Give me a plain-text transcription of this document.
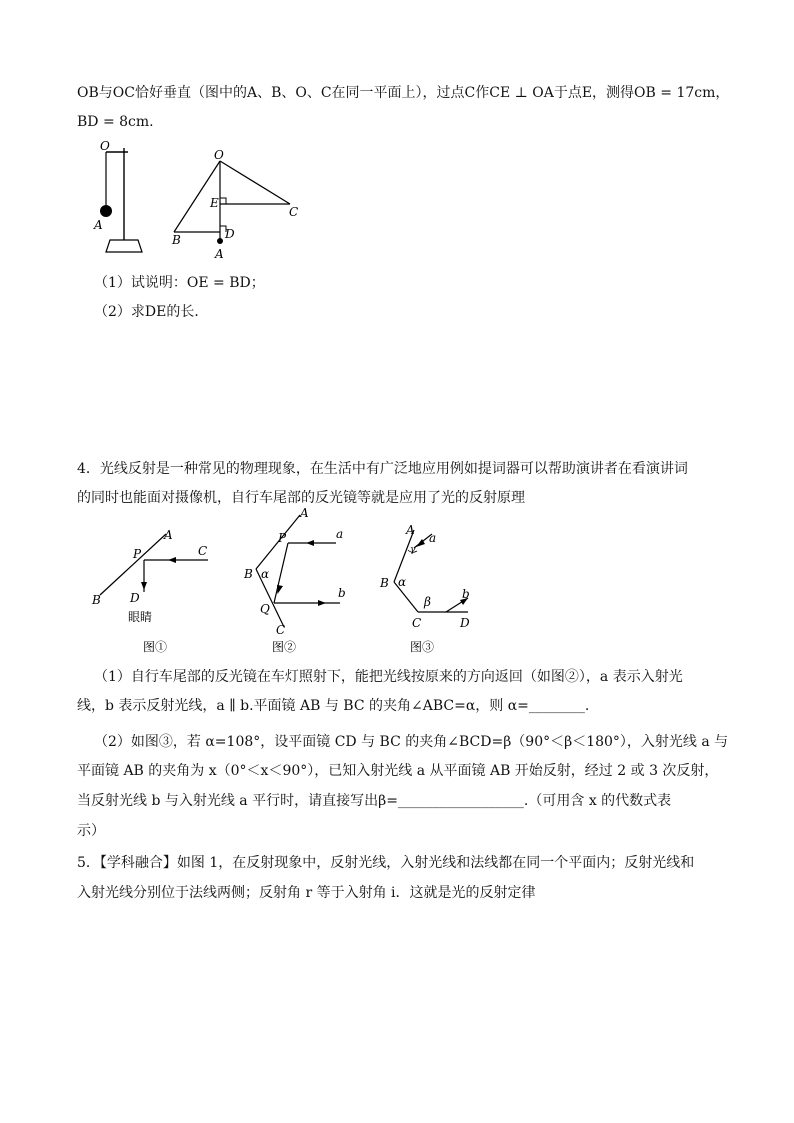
OB与OC恰好垂直（图中的A、B、O、C在同一平面上），过点C作CE ⊥ OA于点E，测得OB = 17cm，
BD = 8cm.
O
A
O
E
C
B	D
A
（1）试说明：OE = BD；
（2）求DE的长．
4．光线反射是一种常见的物理现象，在生活中有广泛地应用例如提词器可以帮助演讲者在看演讲词
的同时也能面对摄像机，自行车尾部的反光镜等就是应用了光的反射原理
A
P	C
B D
眼睛
图①
A
P	a
B α
b
Q
C
图②
A
γ
a
B α
β
b
C	D
图③
（1）自行车尾部的反光镜在车灯照射下，能把光线按原来的方向返回（如图②），a 表示入射光
线，b 表示反射光线，a ∥ b.平面镜 AB 与 BC 的夹角∠ABC=α，则 α=________.
（2）如图③，若 α=108°，设平面镜 CD 与 BC 的夹角∠BCD=β（90°＜β＜180°），入射光线 a 与
平面镜 AB 的夹角为 x（0°＜x＜90°），已知入射光线 a 从平面镜 AB 开始反射，经过 2 或 3 次反射，
当反射光线 b 与入射光线 a 平行时，请直接写出β=__________________.（可用含 x 的代数式表
示）
5．【学科融合】如图 1，在反射现象中，反射光线，入射光线和法线都在同一个平面内；反射光线和
入射光线分别位于法线两侧；反射角 r 等于入射角 i．这就是光的反射定律
